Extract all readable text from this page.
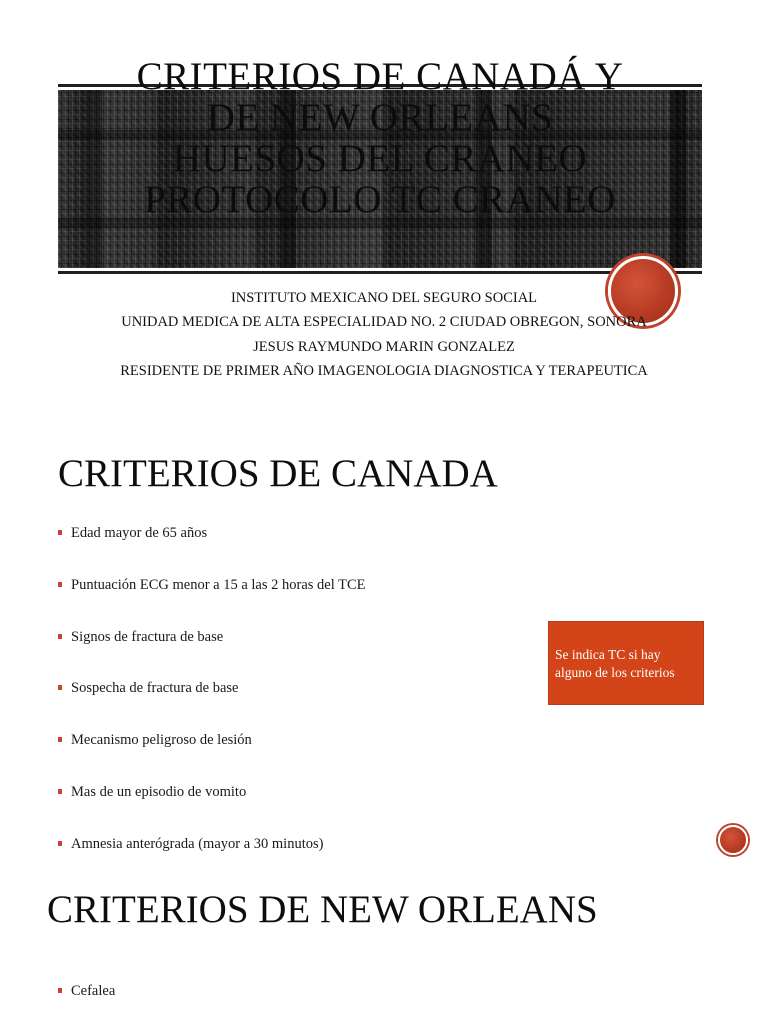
CRITERIOS DE CANADÁ Y
DE NEW ORLEANS
HUESOS DEL CRANEO
PROTOCOLO TC CRANEO
INSTITUTO MEXICANO DEL SEGURO SOCIAL
UNIDAD MEDICA DE ALTA ESPECIALIDAD NO. 2 CIUDAD OBREGON, SONORA
JESUS RAYMUNDO MARIN GONZALEZ
RESIDENTE DE PRIMER AÑO IMAGENOLOGIA DIAGNOSTICA Y TERAPEUTICA
CRITERIOS DE CANADA
Edad mayor de 65 años
Puntuación ECG menor a 15 a las 2 horas del TCE
Signos de fractura de base
Sospecha de fractura de base
Mecanismo peligroso de lesión
Mas de un episodio de vomito
Amnesia anterógrada (mayor a 30 minutos)
Se indica TC si hay alguno de los criterios
CRITERIOS DE NEW ORLEANS
Cefalea
